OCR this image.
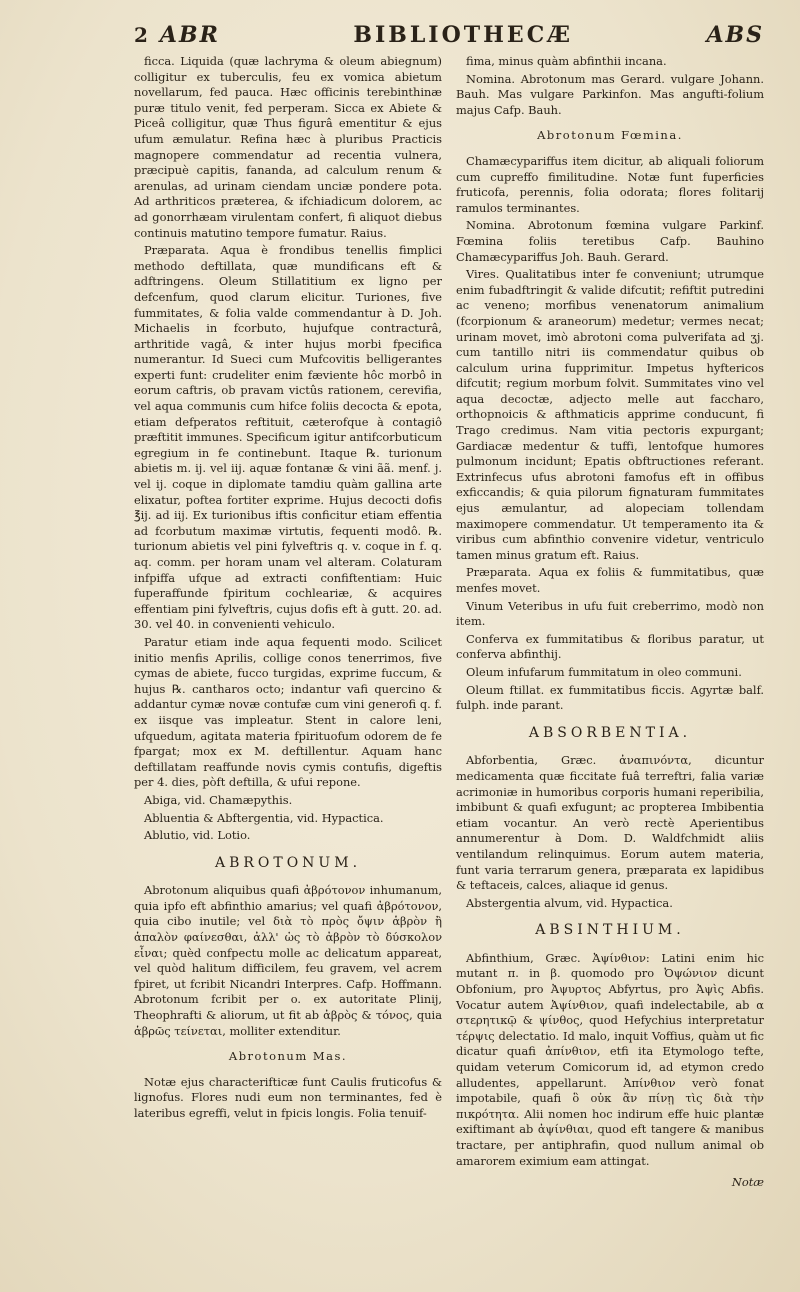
2 ABR	BIBLIOTHECÆ	ABS

ficca. Liquida (quæ lachryma & oleum abiegnum) colligitur ex tuberculis, feu ex vomica abietum novellarum, fed pauca. Hæc officinis terebinthinæ puræ titulo venit, fed perperam. Sicca ex Abiete & Piceâ colligitur, quæ Thus figurâ ementitur & ejus ufum æmulatur. Refina hæc à pluribus Practicis magnopere commendatur ad recentia vulnera, præcipuè capitis, fananda, ad calculum renum & arenulas, ad urinam ciendam unciæ pondere pota. Ad arthriticos præterea, & ifchiadicum dolorem, ac ad gonorrhæam virulentam confert, fi aliquot diebus continuis matutino tempore fumatur. Raius.

Præparata. Aqua è frondibus tenellis fimplici methodo deftillata, quæ mundificans eft & adftringens. Oleum Stillatitium ex ligno per defcenfum, quod clarum elicitur. Turiones, five fummitates, & folia valde commendantur à D. Joh. Michaelis in fcorbuto, hujufque contracturâ, arthritide vagâ, & inter hujus morbi fpecifica numerantur. Id Sueci cum Mufcovitis belligerantes experti funt: crudeliter enim fæviente hôc morbô in eorum caftris, ob pravam victûs rationem, cerevifia, vel aqua communis cum hifce foliis decocta & epota, etiam defperatos reftituit, cæterofque à contagiô præftitit immunes. Specificum igitur antifcorbuticum egregium in fe continebunt. Itaque ℞. turionum abietis m. ij. vel iij. aquæ fontanæ & vini ãã. menf. j. vel ij. coque in diplomate tamdiu quàm gallina arte elixatur, poftea fortiter exprime. Hujus decocti dofis ℥ij. ad iij. Ex turionibus iftis conficitur etiam effentia ad fcorbutum maximæ virtutis, fequenti modô. ℞. turionum abietis vel pini fylveftris q. v. coque in f. q. aq. comm. per horam unam vel alteram. Colaturam infpiffa ufque ad extracti confiftentiam: Huic fuperaffunde fpiritum cochleariæ, & acquires effentiam pini fylveftris, cujus dofis eft à gutt. 20. ad. 30. vel 40. in convenienti vehiculo.

Paratur etiam inde aqua fequenti modo. Scilicet initio menfis Aprilis, collige conos tenerrimos, five cymas de abiete, fucco turgidas, exprime fuccum, & hujus ℞. cantharos octo; indantur vafi quercino & addantur cymæ novæ contufæ cum vini generofi q. f. ex iisque vas impleatur. Stent in calore leni, ufquedum, agitata materia fpirituofum odorem de fe fpargat; mox ex M. deftillentur. Aquam hanc deftillatam reaffunde novis cymis contufis, digeftis per 4. dies, pòft deftilla, & ufui repone.

Abiga, vid. Chamæpythis.

Abluentia & Abftergentia, vid. Hypactica.

Ablutio, vid. Lotio.

ABROTONUM.

Abrotonum aliquibus quafi ἀβρότονον inhumanum, quia ipfo eft abfinthio amarius; vel quafi ἀβρότονον, quia cibo inutile; vel διὰ τὸ πρὸς ὄψιν ἁβρὸν ἢ ἁπαλὸν φαίνεσθαι, ἀλλ' ὡς τὸ ἀβρὸν τὸ δύσκολον εἶναι; quèd confpectu molle ac delicatum appareat, vel quòd halitum difficilem, feu gravem, vel acrem fpiret, ut fcribit Nicandri Interpres. Cafp. Hoffmann. Abrotonum fcribit per o. ex autoritate Plinij, Theophrafti & aliorum, ut fit ab ἀβρὸς & τόνος, quia ἁβρῶς τείνεται, molliter extenditur.

Abrotonum Mas.

Notæ ejus characterifticæ funt Caulis fruticofus & lignofus. Flores nudi eum non terminantes, fed è lateribus egreffi, velut in fpicis longis. Folia tenuif-

fima, minus quàm abfinthii incana.

Nomina. Abrotonum mas Gerard. vulgare Johann. Bauh. Mas vulgare Parkinfon. Mas angufti-folium majus Cafp. Bauh.

Abrotonum Fœmina.

Chamæcypariffus item dicitur, ab aliquali foliorum cum cupreffo fimilitudine. Notæ funt fuperficies fruticofa, perennis, folia odorata; flores folitarij ramulos terminantes.

Nomina. Abrotonum fœmina vulgare Parkinf. Fœmina foliis teretibus Cafp. Bauhino Chamæcypariffus Joh. Bauh. Gerard.

Vires. Qualitatibus inter fe conveniunt; utrumque enim fubadftringit & valide difcutit; refiftit putredini ac veneno; morfibus venenatorum animalium (fcorpionum & araneorum) medetur; vermes necat; urinam movet, imò abrotoni coma pulverifata ad ʒj. cum tantillo nitri iis commendatur quibus ob calculum urina fupprimitur. Impetus hyftericos difcutit; regium morbum folvit. Summitates vino vel aqua decoctæ, adjecto melle aut faccharo, orthopnoicis & afthmaticis apprime conducunt, fi Trago credimus. Nam vitia pectoris expurgant; Gardiacæ medentur & tuffi, lentofque humores pulmonum incidunt; Epatis obftructiones referant. Extrinfecus ufus abrotoni famofus eft in offibus exficcandis; & quia pilorum fignaturam fummitates ejus æmulantur, ad alopeciam tollendam maximopere commendatur. Ut temperamento ita & viribus cum abfinthio convenire videtur, ventriculo tamen minus gratum eft. Raius.

Præparata. Aqua ex foliis & fummitatibus, quæ menfes movet.

Vinum Veteribus in ufu fuit creberrimo, modò non item.

Conferva ex fummitatibus & floribus paratur, ut conferva abfinthij.

Oleum infufarum fummitatum in oleo communi.

Oleum ftillat. ex fummitatibus ficcis. Agyrtæ balf. fulph. inde parant.

ABSORBENTIA.

Abforbentia, Græc. ἀναπινόντα, dicuntur medicamenta quæ ficcitate fuâ terreftri, falia variæ acrimoniæ in humoribus corporis humani reperibilia, imbibunt & quafi exfugunt; ac propterea Imbibentia etiam vocantur. An verò rectè Aperientibus annumerentur à Dom. D. Waldfchmidt aliis ventilandum relinquimus. Eorum autem materia, funt varia terrarum genera, præparata ex lapidibus & teftaceis, calces, aliaque id genus.

Abstergentia alvum, vid. Hypactica.

ABSINTHIUM.

Abfinthium, Græc. Ἀψίνθιον: Latini enim hic mutant π. in β. quomodo pro Ὀψώνιον dicunt Obfonium, pro Ἀψυρτος Abfyrtus, pro Ἀψὶς Abfis. Vocatur autem Ἀψίνθιον, quafi indelectabile, ab α στερητικῷ & ψίνθος, quod Hefychius interpretatur τέρψις delectatio. Id malo, inquit Voffius, quàm ut fic dicatur quafi ἀπίνθιον, etfi ita Etymologo tefte, quidam veterum Comicorum id, ad etymon credo alludentes, appellarunt. Ἀπίνθιον verò fonat impotabile, quafi ὃ οὐκ ἂν πίνῃ τὶς διὰ τὴν πικρότητα. Alii nomen hoc indirum effe huic plantæ exiftimant ab ἀψίνθιαι, quod eft tangere & manibus tractare, per antiphrafin, quod nullum animal ob amarorem eximium eam attingat.

Notæ
